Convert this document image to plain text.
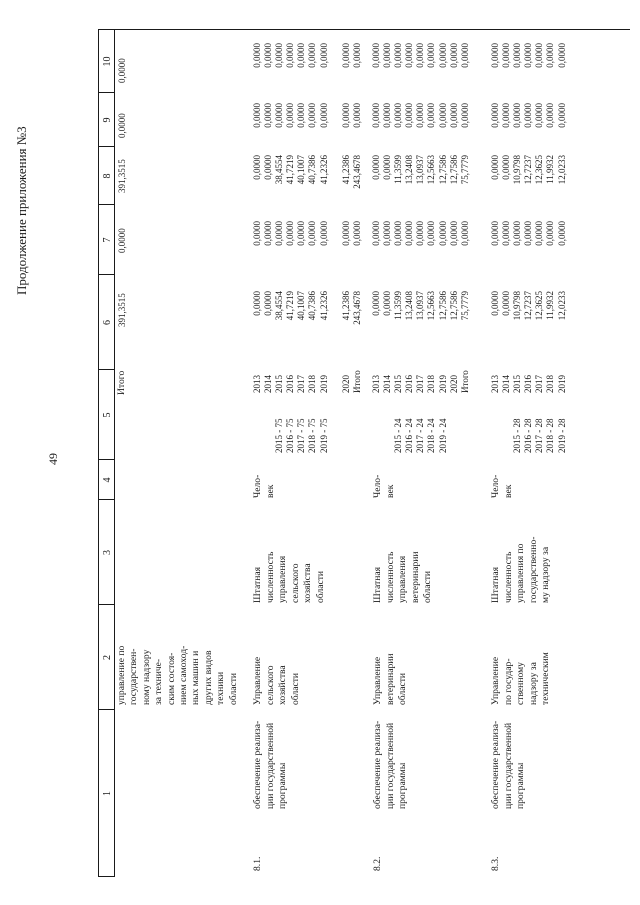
49
Продолжение приложения №3
1
2
3
4
5
6
7
8
9
10
управление по
государствен-
ному надзору
за техниче-
ским состоя-
нием самоход-
ных машин и
других видов
техники
области
Итого
391,3515
0,0000
391,3515
0,0000
0,0000
8.1.
обеспечение реализа-
ции государственной
программы
Управление
сельского
хозяйства
области
Штатная
численность
управления
сельского
хозяйства
области
Чело-
век

2015 - 75
2016 - 75
2017 - 75
2018 - 75
2019 - 75
2013
2014
2015
2016
2017
2018
2019

2020
Итого
0,0000
0,0000
38,4554
41,7219
40,1007
40,7386
41,2326

41,2386
243,4678
0,0000
0,0000
0,0000
0,0000
0,0000
0,0000
0,0000

0,0000
0,0000
0,0000
0,0000
38,4554
41,7219
40,1007
40,7386
41,2326

41,2386
243,4678
0,0000
0,0000
0,0000
0,0000
0,0000
0,0000
0,0000

0,0000
0,0000
0,0000
0,0000
0,0000
0,0000
0,0000
0,0000
0,0000

0,0000
0,0000
8.2.
обеспечение реализа-
ции государственной
программы
Управление
ветеринарии
области
Штатная
численность
управления
ветеринарии
области
Чело-
век

2015 - 24
2016 - 24
2017 - 24
2018 - 24
2019 - 24
2013
2014
2015
2016
2017
2018
2019
2020
Итого
0,0000
0,0000
11,3599
13,2408
13,0937
12,5663
12,7586
12,7586
75,7779
0,0000
0,0000
0,0000
0,0000
0,0000
0,0000
0,0000
0,0000
0,0000
0,0000
0,0000
11,3599
13,2408
13,0937
12,5663
12,7586
12,7586
75,7779
0,0000
0,0000
0,0000
0,0000
0,0000
0,0000
0,0000
0,0000
0,0000
0,0000
0,0000
0,0000
0,0000
0,0000
0,0000
0,0000
0,0000
0,0000
8.3.
обеспечение реализа-
ции государственной
программы
Управление
по государ-
ственному
надзору за
техническим
Штатная
численность
управления по
государственно-
му надзору за
Чело-
век

2015 - 28
2016 - 28
2017 - 28
2018 - 28
2019 - 28
2013
2014
2015
2016
2017
2018
2019
0,0000
0,0000
10,9798
12,7237
12,3625
11,9932
12,0233
0,0000
0,0000
0,0000
0,0000
0,0000
0,0000
0,0000
0,0000
0,0000
10,9798
12,7237
12,3625
11,9932
12,0233
0,0000
0,0000
0,0000
0,0000
0,0000
0,0000
0,0000
0,0000
0,0000
0,0000
0,0000
0,0000
0,0000
0,0000
